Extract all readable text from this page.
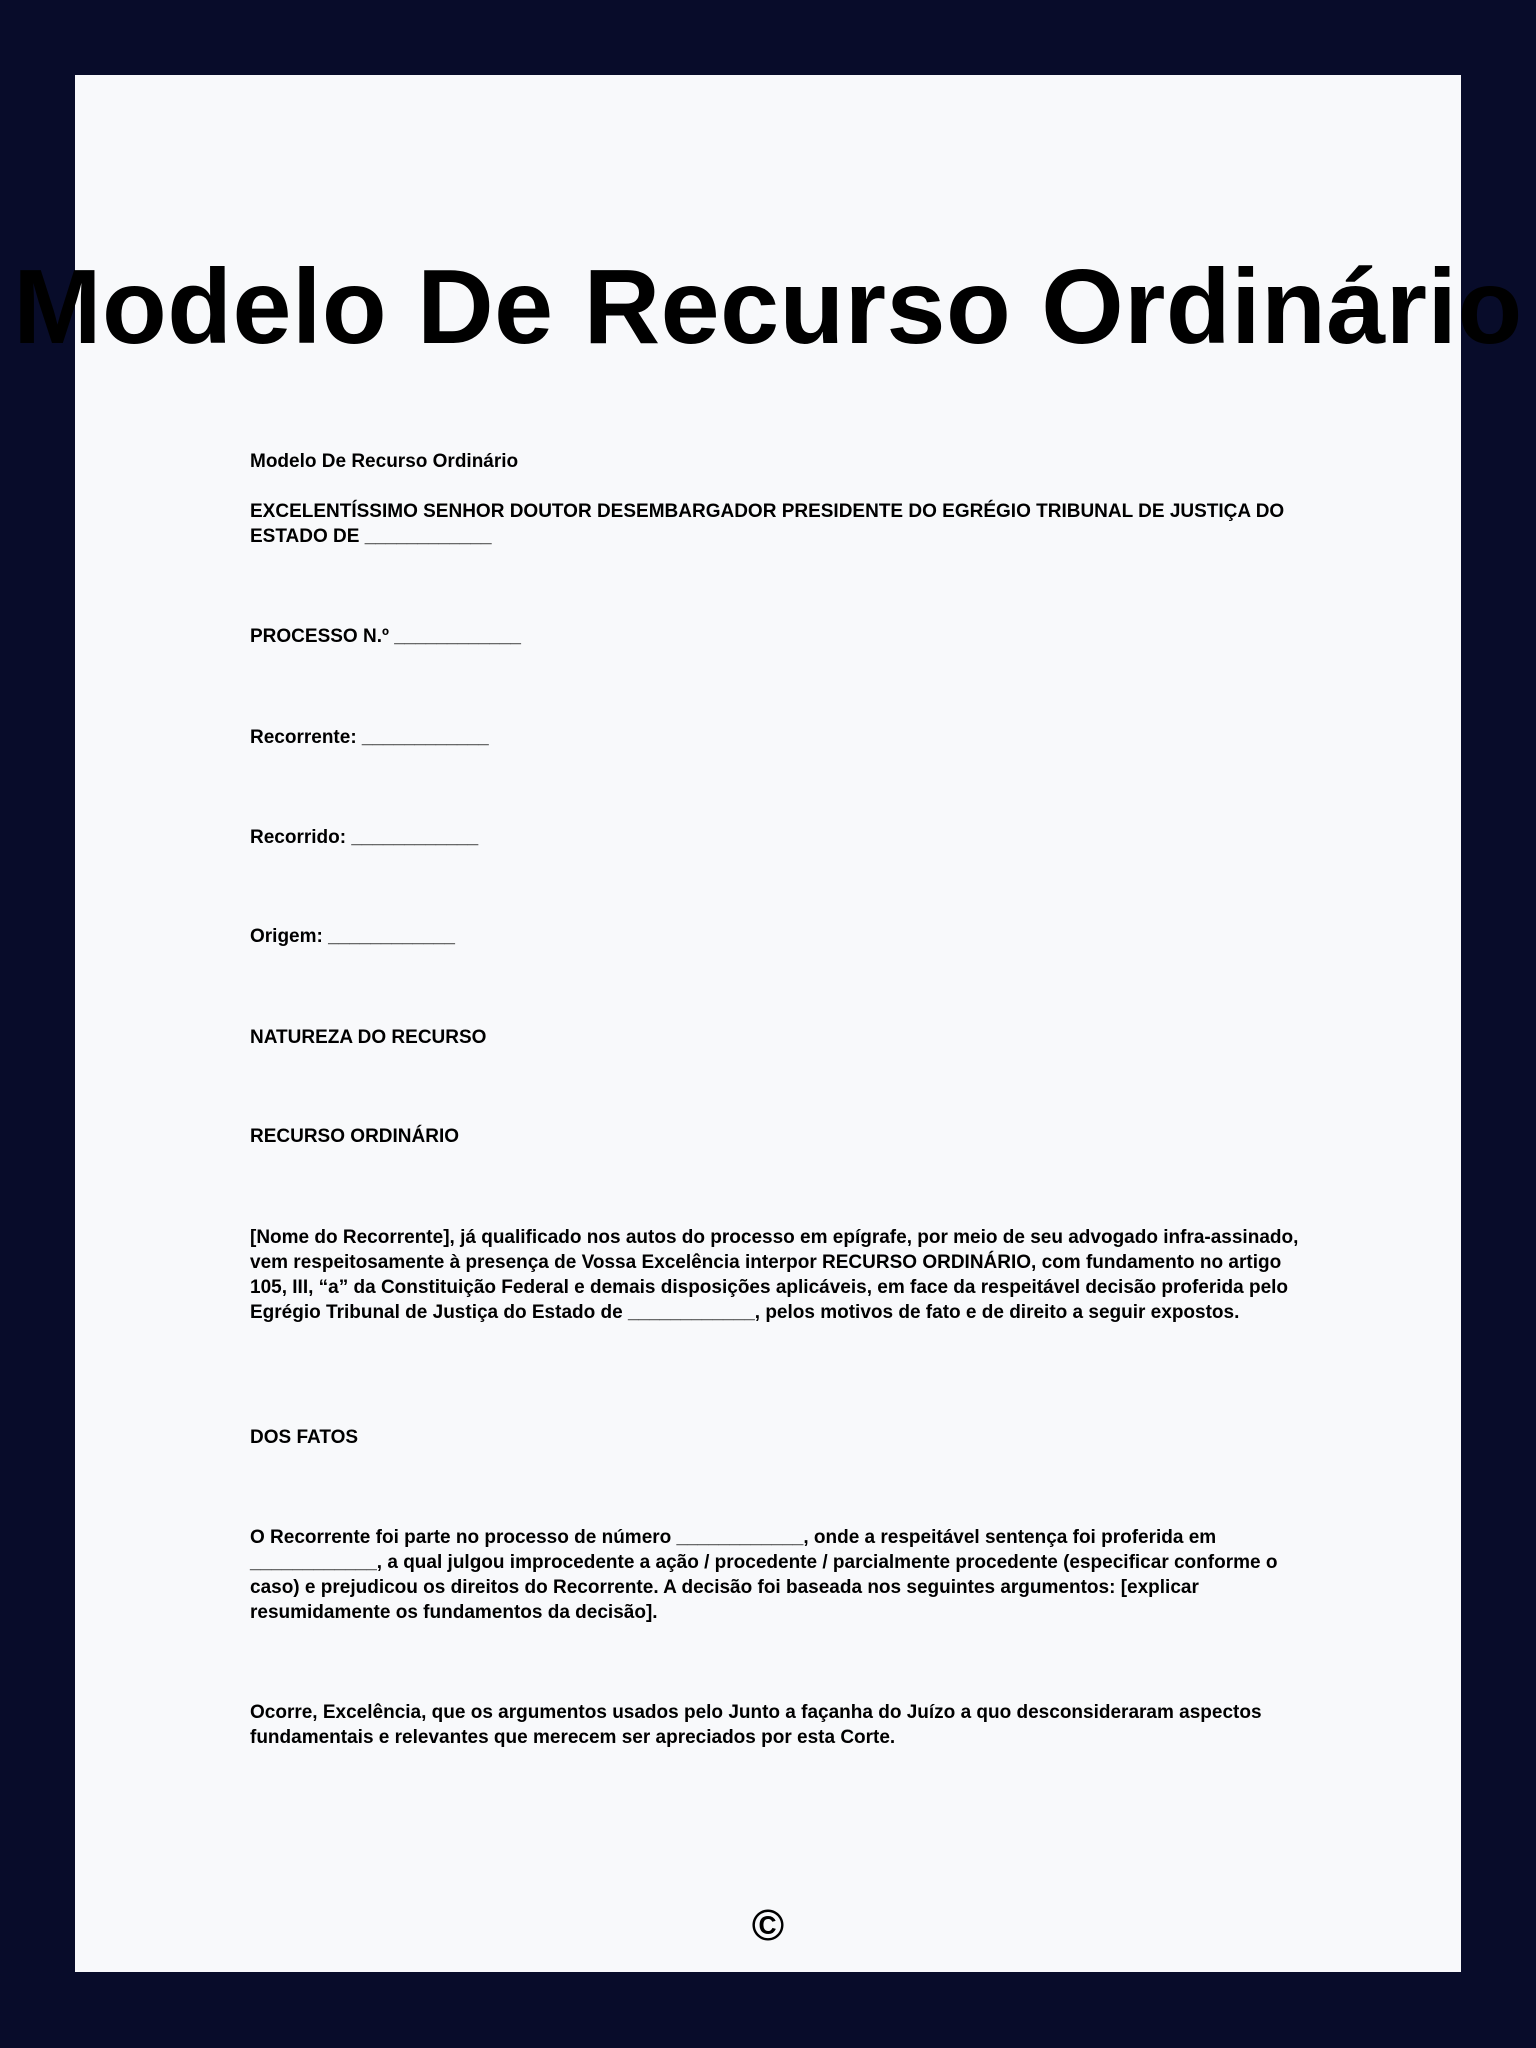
Modelo De Recurso Ordinário
Modelo De Recurso Ordinário
EXCELENTÍSSIMO SENHOR DOUTOR DESEMBARGADOR PRESIDENTE DO EGRÉGIO TRIBUNAL DE JUSTIÇA DO ESTADO DE ____________
PROCESSO N.º ____________
Recorrente: ____________
Recorrido: ____________
Origem: ____________
NATUREZA DO RECURSO
RECURSO ORDINÁRIO
[Nome do Recorrente], já qualificado nos autos do processo em epígrafe, por meio de seu advogado infra-assinado, vem respeitosamente à presença de Vossa Excelência interpor RECURSO ORDINÁRIO, com fundamento no artigo 105, III, “a” da Constituição Federal e demais disposições aplicáveis, em face da respeitável decisão proferida pelo Egrégio Tribunal de Justiça do Estado de ____________, pelos motivos de fato e de direito a seguir expostos.
DOS FATOS
O Recorrente foi parte no processo de número ____________, onde a respeitável sentença foi proferida em ____________, a qual julgou improcedente a ação / procedente / parcialmente procedente (especificar conforme o caso) e prejudicou os direitos do Recorrente. A decisão foi baseada nos seguintes argumentos: [explicar resumidamente os fundamentos da decisão].
Ocorre, Excelência, que os argumentos usados pelo Junto a façanha do Juízo a quo desconsideraram aspectos fundamentais e relevantes que merecem ser apreciados por esta Corte.
©
